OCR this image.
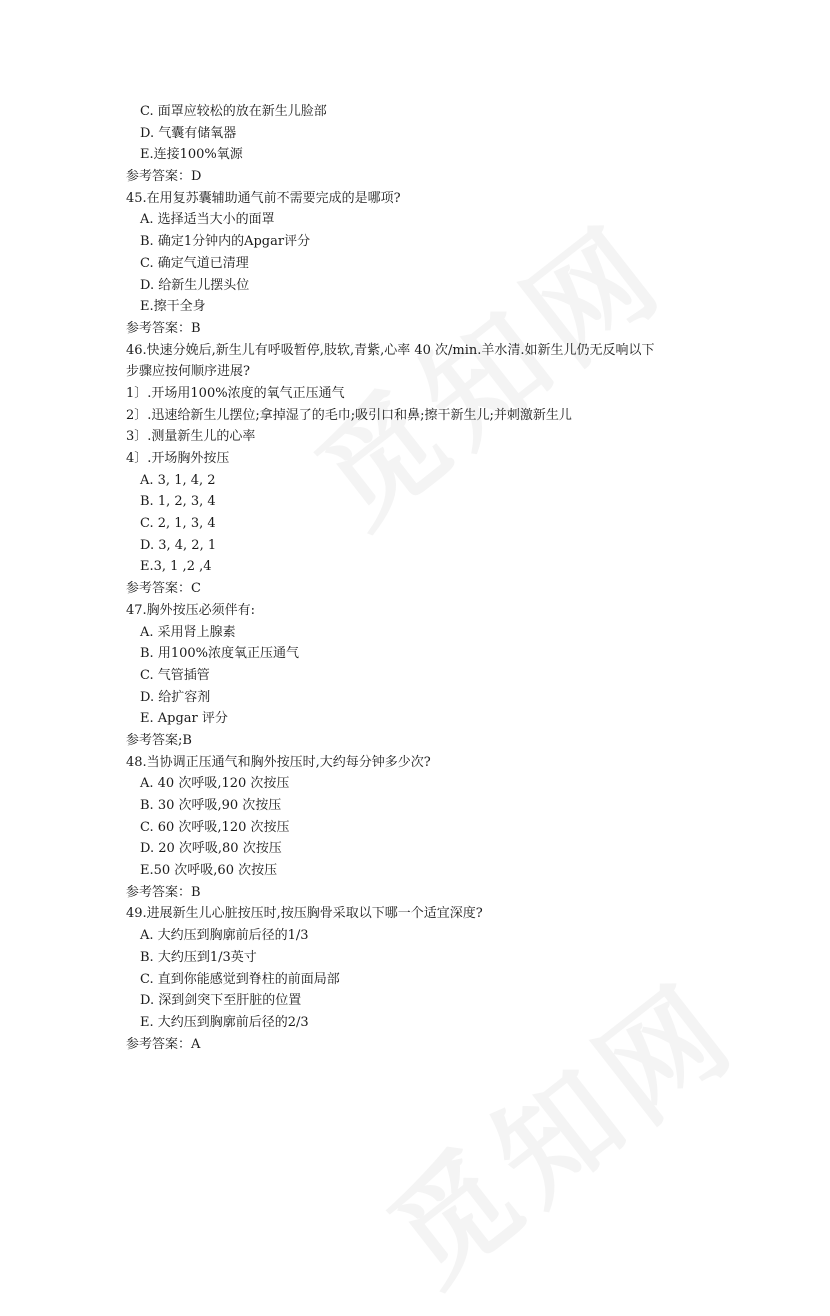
C. 面罩应较松的放在新生儿脸部
D. 气囊有储氧器
E.连接100%氧源
参考答案：D
45.在用复苏囊辅助通气前不需要完成的是哪项?
A. 选择适当大小的面罩
B. 确定1分钟内的Apgar评分
C. 确定气道已清理
D. 给新生儿摆头位
E.擦干全身
参考答案：B
46.快速分娩后,新生儿有呼吸暂停,肢软,青紫,心率 40 次/min.羊水清.如新生儿仍无反响以下
步骤应按何顺序进展?
1〕.开场用100%浓度的氧气正压通气
2〕.迅速给新生儿摆位;拿掉湿了的毛巾;吸引口和鼻;擦干新生儿;并刺激新生儿
3〕.测量新生儿的心率
4〕.开场胸外按压
A. 3, 1, 4, 2
B. 1, 2, 3, 4
C. 2, 1, 3, 4
D. 3, 4, 2, 1
E.3, 1 ,2 ,4
参考答案：C
47.胸外按压必须伴有:
A. 采用肾上腺素
B. 用100%浓度氧正压通气
C. 气管插管
D. 给扩容剂
E. Apgar 评分
参考答案;B
48.当协调正压通气和胸外按压时,大约每分钟多少次?
A. 40 次呼吸,120 次按压
B. 30 次呼吸,90 次按压
C. 60 次呼吸,120 次按压
D. 20 次呼吸,80 次按压
E.50 次呼吸,60 次按压
参考答案：B
49.进展新生儿心脏按压时,按压胸骨采取以下哪一个适宜深度?
A. 大约压到胸廓前后径的1/3
B. 大约压到1/3英寸
C. 直到你能感觉到脊柱的前面局部
D. 深到剑突下至肝脏的位置
E. 大约压到胸廓前后径的2/3
参考答案：A
